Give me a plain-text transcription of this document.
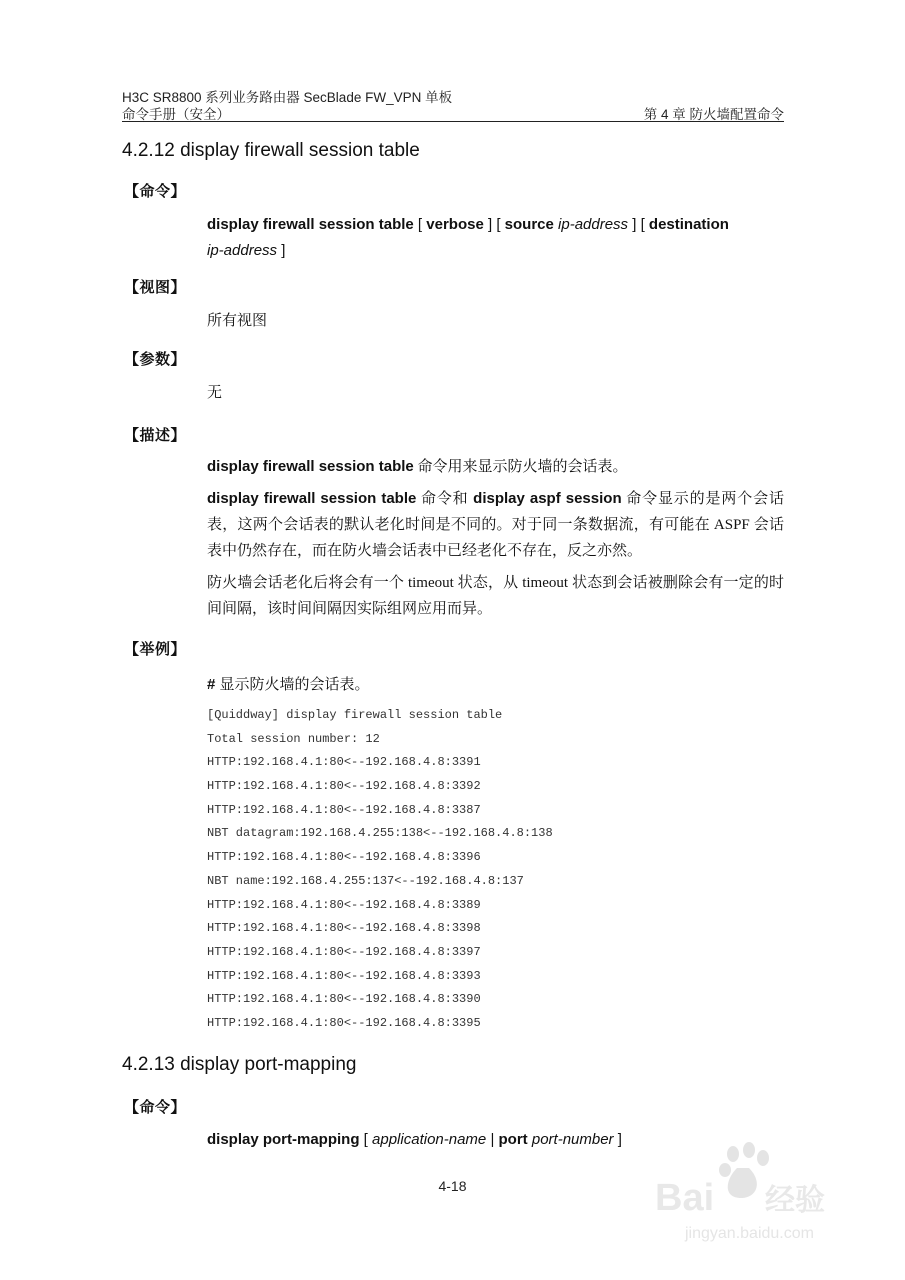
H3C SR8800 系列业务路由器 SecBlade FW_VPN 单板
命令手册（安全）	第 4 章 防火墙配置命令
4.2.12 display firewall session table
【命令】
display firewall session table [ verbose ] [ source ip-address ] [ destination
ip-address ]
【视图】
所有视图
【参数】
无
【描述】
display firewall session table 命令用来显示防火墙的会话表。
display firewall session table 命令和 display aspf session 命令显示的是两个会话表，这两个会话表的默认老化时间是不同的。对于同一条数据流，有可能在 ASPF 会话表中仍然存在，而在防火墙会话表中已经老化不存在，反之亦然。
防火墙会话老化后将会有一个 timeout 状态，从 timeout 状态到会话被删除会有一定的时间间隔，该时间间隔因实际组网应用而异。
【举例】
# 显示防火墙的会话表。
[Quiddway] display firewall session table
Total session number: 12
HTTP:192.168.4.1:80<--192.168.4.8:3391
HTTP:192.168.4.1:80<--192.168.4.8:3392
HTTP:192.168.4.1:80<--192.168.4.8:3387
NBT datagram:192.168.4.255:138<--192.168.4.8:138
HTTP:192.168.4.1:80<--192.168.4.8:3396
NBT name:192.168.4.255:137<--192.168.4.8:137
HTTP:192.168.4.1:80<--192.168.4.8:3389
HTTP:192.168.4.1:80<--192.168.4.8:3398
HTTP:192.168.4.1:80<--192.168.4.8:3397
HTTP:192.168.4.1:80<--192.168.4.8:3393
HTTP:192.168.4.1:80<--192.168.4.8:3390
HTTP:192.168.4.1:80<--192.168.4.8:3395
4.2.13 display port-mapping
【命令】
display port-mapping [ application-name | port port-number ]
4-18	Bai 经验
jingyan.baidu.com
